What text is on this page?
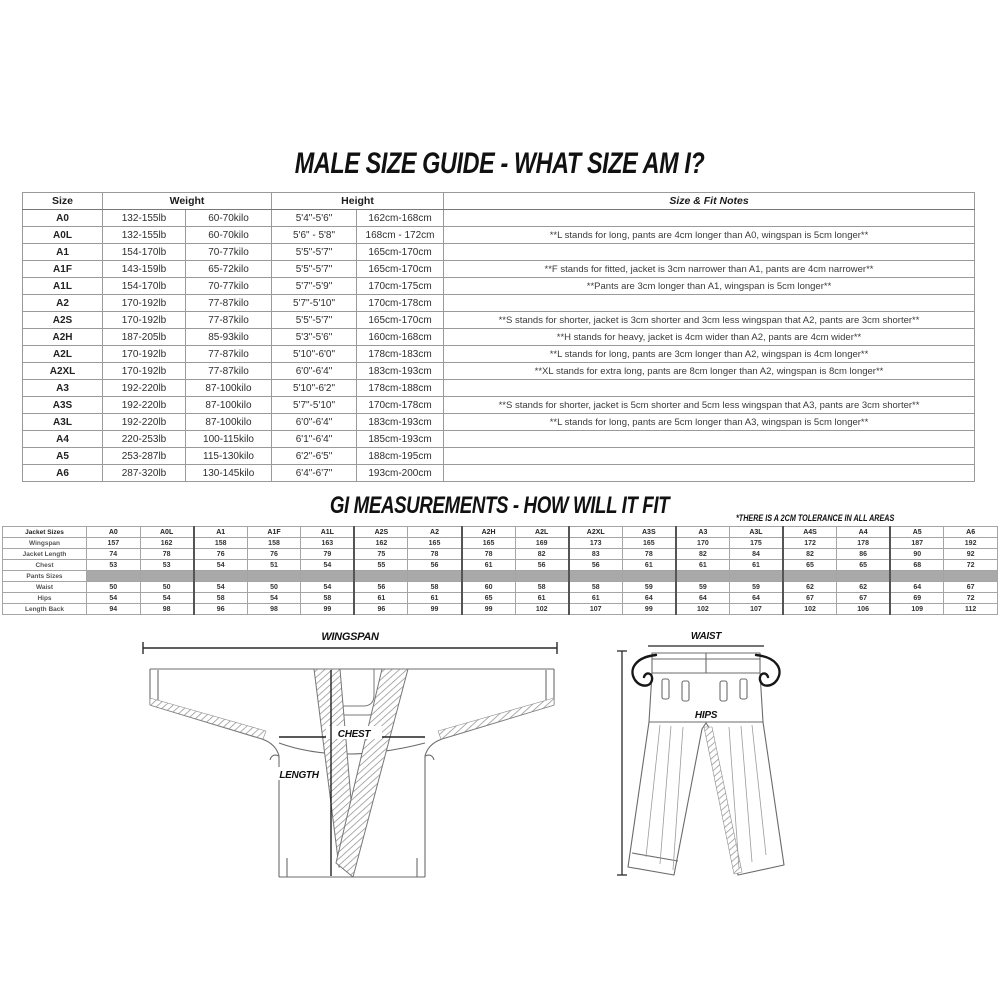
MALE SIZE GUIDE - WHAT SIZE AM I?
Size	Weight		Height		Size & Fit Notes
A0	132-155lb	60-70kilo	5'4"-5'6"	162cm-168cm	
A0L	132-155lb	60-70kilo	5'6" - 5'8"	168cm - 172cm	**L stands for long, pants are 4cm longer than A0, wingspan is 5cm longer**
A1	154-170lb	70-77kilo	5'5"-5'7"	165cm-170cm	
A1F	143-159lb	65-72kilo	5'5"-5'7"	165cm-170cm	**F stands for fitted, jacket is 3cm narrower than A1, pants are 4cm narrower**
A1L	154-170lb	70-77kilo	5'7"-5'9"	170cm-175cm	**Pants are 3cm longer than A1, wingspan is 5cm longer**
A2	170-192lb	77-87kilo	5'7"-5'10"	170cm-178cm	
A2S	170-192lb	77-87kilo	5'5"-5'7"	165cm-170cm	**S stands for shorter, jacket is 3cm shorter and 3cm less wingspan that A2, pants are 3cm shorter**
A2H	187-205lb	85-93kilo	5'3"-5'6"	160cm-168cm	**H stands for heavy, jacket is 4cm wider than A2, pants are 4cm wider**
A2L	170-192lb	77-87kilo	5'10"-6'0"	178cm-183cm	**L stands for long, pants are 3cm longer than A2, wingspan is 4cm longer**
A2XL	170-192lb	77-87kilo	6'0"-6'4"	183cm-193cm	**XL stands for extra long, pants are 8cm longer than A2, wingspan is 8cm longer**
A3	192-220lb	87-100kilo	5'10"-6'2"	178cm-188cm	
A3S	192-220lb	87-100kilo	5'7"-5'10"	170cm-178cm	**S stands for shorter, jacket is 5cm shorter and 5cm less wingspan that A3, pants are 3cm shorter**
A3L	192-220lb	87-100kilo	6'0"-6'4"	183cm-193cm	**L stands for long, pants are 5cm longer than A3, wingspan is 5cm longer**
A4	220-253lb	100-115kilo	6'1"-6'4"	185cm-193cm	
A5	253-287lb	115-130kilo	6'2"-6'5"	188cm-195cm	
A6	287-320lb	130-145kilo	6'4"-6'7"	193cm-200cm	
GI MEASUREMENTS - HOW WILL IT FIT	*THERE IS A 2CM TOLERANCE IN ALL AREAS
Jacket Sizes	A0	A0L	A1	A1F	A1L	A2S	A2	A2H	A2L	A2XL	A3S	A3	A3L	A4S	A4	A5	A6
Wingspan	157	162	158	158	163	162	165	165	169	173	165	170	175	172	178	187	192
Jacket Length	74	78	76	76	79	75	78	78	82	83	78	82	84	82	86	90	92
Chest	53	53	54	51	54	55	56	61	56	56	61	61	61	65	65	68	72
Pants Sizes																	
Waist	50	50	54	50	54	56	58	60	58	58	59	59	59	62	62	64	67
Hips	54	54	58	54	58	61	61	65	61	61	64	64	64	67	67	69	72
Length Back	94	98	96	98	99	96	99	99	102	107	99	102	107	102	106	109	112
WINGSPAN
CHEST
LENGTH
WAIST
HIPS
